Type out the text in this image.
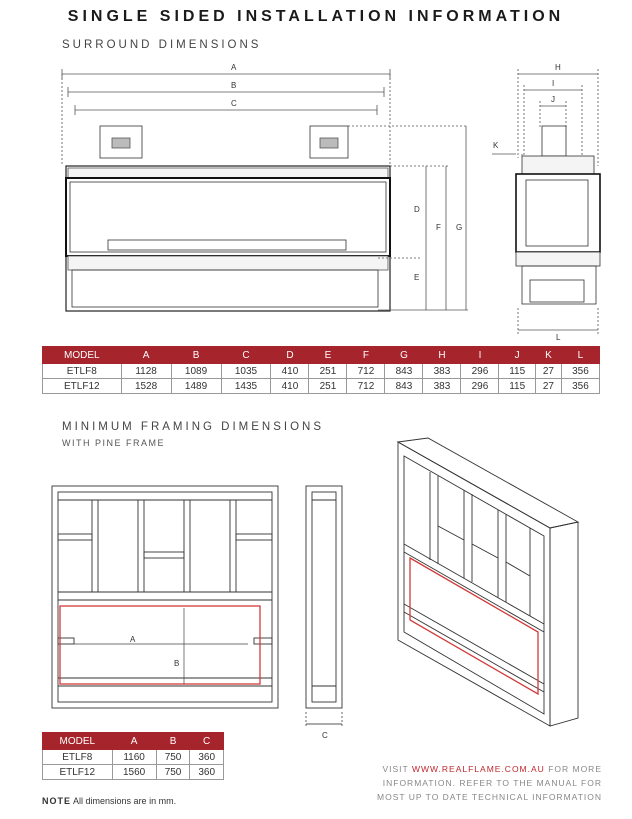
SINGLE SIDED INSTALLATION INFORMATION
SURROUND DIMENSIONS
A
B
C
D
E
F G
H
I
J
K
L
MODEL	A	B	C	D	E	F	G	H	I	J	K	L
ETLF8	1128	1089	1035	410	251	712	843	383	296	115	27	356
ETLF12	1528	1489	1435	410	251	712	843	383	296	115	27	356
MINIMUM FRAMING DIMENSIONS
WITH PINE FRAME
A
B
C
MODEL	A	B	C
ETLF8	1160	750	360
ETLF12	1560	750	360
NOTE All dimensions are in mm.
VISIT WWW.REALFLAME.COM.AU FOR MORE
INFORMATION. REFER TO THE MANUAL FOR
MOST UP TO DATE TECHNICAL INFORMATION
